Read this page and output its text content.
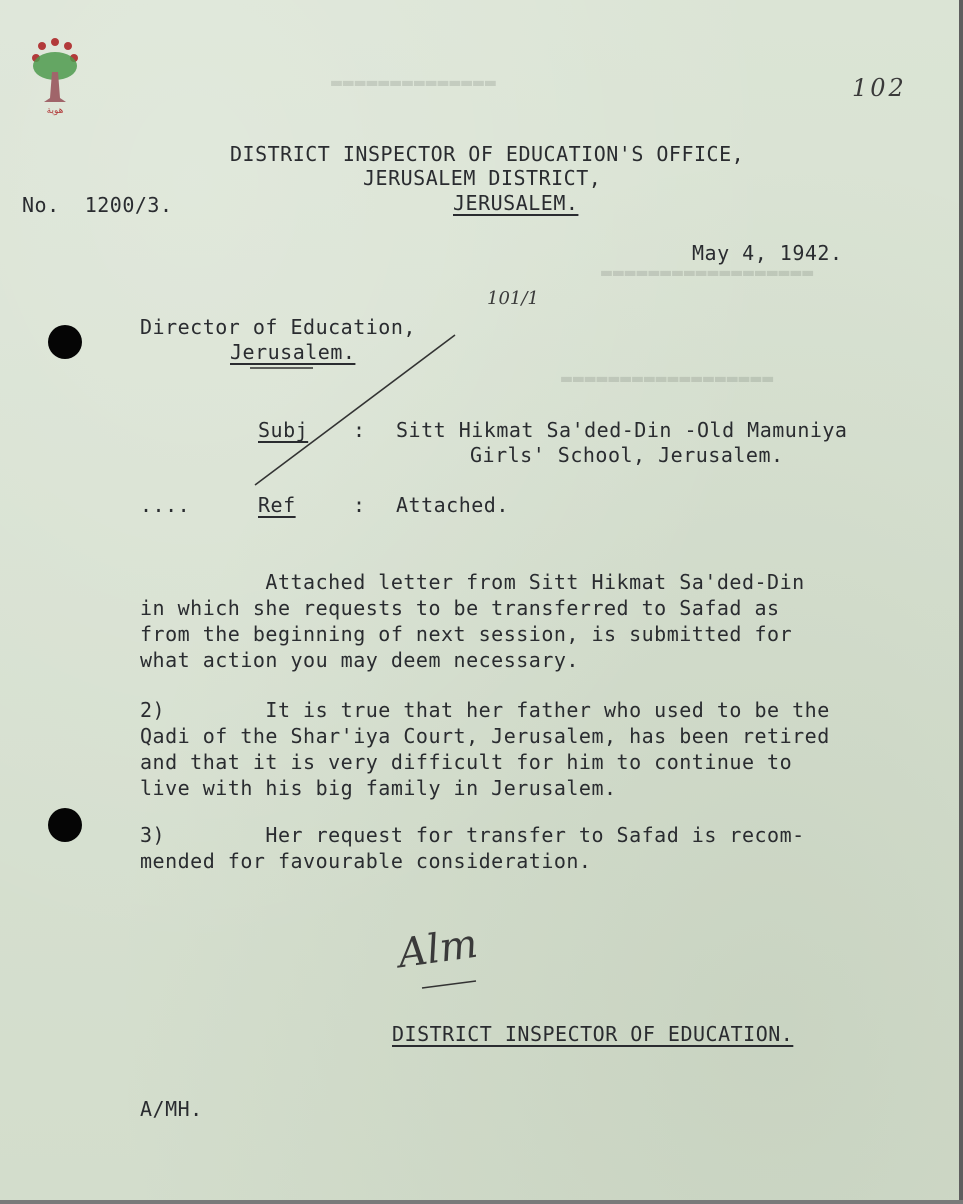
▬▬▬▬▬▬▬▬▬▬▬▬▬▬
▬▬▬▬▬▬▬▬▬▬▬▬▬▬▬▬▬▬
▬▬▬▬▬▬▬▬▬▬▬▬▬▬▬▬▬▬
هوية
102
101/1
DISTRICT INSPECTOR OF EDUCATION'S OFFICE,
JERUSALEM DISTRICT,
JERUSALEM.
No.  1200/3.
May 4, 1942.
Director of Education,
Jerusalem.
Subj : Sitt Hikmat Sa'ded-Din -Old Mamuniya
Girls' School, Jerusalem.
....	Ref	: Attached.
Attached letter from Sitt Hikmat Sa'ded-Din
in which she requests to be transferred to Safad as
from the beginning of next session, is submitted for
what action you may deem necessary.
2)        It is true that her father who used to be the
Qadi of the Shar'iya Court, Jerusalem, has been retired
and that it is very difficult for him to continue to
live with his big family in Jerusalem.
3)        Her request for transfer to Safad is recom-
mended for favourable consideration.
Alm
DISTRICT INSPECTOR OF EDUCATION.
A/MH.
